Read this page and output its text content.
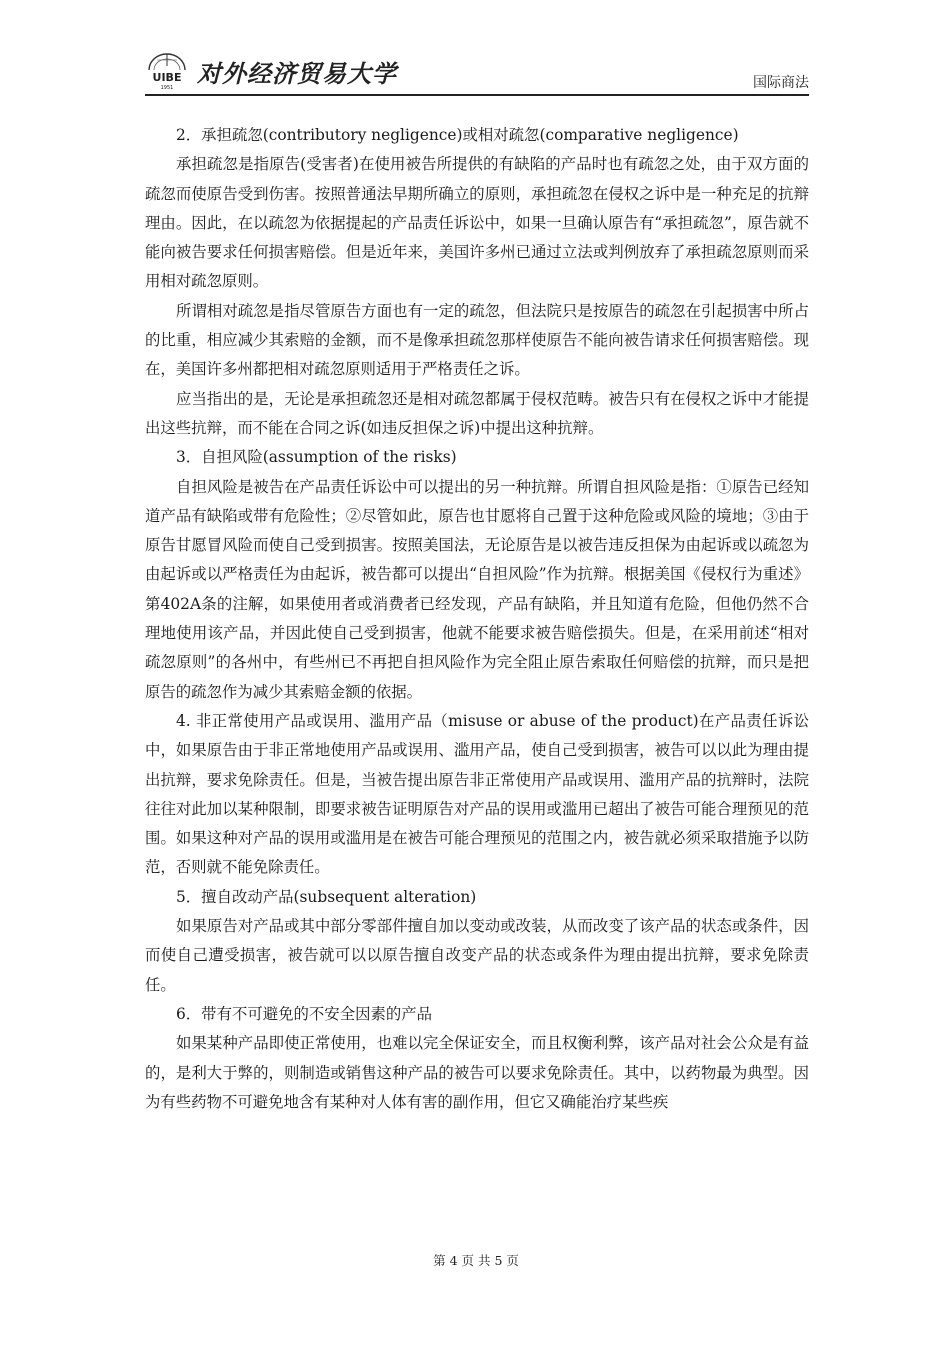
UIBE
1951 对外经济贸易大学	国际商法

2．承担疏忽(contributory negligence)或相对疏忽(comparative negligence)

承担疏忽是指原告(受害者)在使用被告所提供的有缺陷的产品时也有疏忽之处，由于双方面的疏忽而使原告受到伤害。按照普通法早期所确立的原则，承担疏忽在侵权之诉中是一种充足的抗辩理由。因此，在以疏忽为依据提起的产品责任诉讼中，如果一旦确认原告有“承担疏忽”，原告就不能向被告要求任何损害赔偿。但是近年来，美国许多州已通过立法或判例放弃了承担疏忽原则而采用相对疏忽原则。

所谓相对疏忽是指尽管原告方面也有一定的疏忽，但法院只是按原告的疏忽在引起损害中所占的比重，相应减少其索赔的金额，而不是像承担疏忽那样使原告不能向被告请求任何损害赔偿。现在，美国许多州都把相对疏忽原则适用于严格责任之诉。

应当指出的是，无论是承担疏忽还是相对疏忽都属于侵权范畴。被告只有在侵权之诉中才能提出这些抗辩，而不能在合同之诉(如违反担保之诉)中提出这种抗辩。

3．自担风险(assumption of the risks)

自担风险是被告在产品责任诉讼中可以提出的另一种抗辩。所谓自担风险是指：①原告已经知道产品有缺陷或带有危险性；②尽管如此，原告也甘愿将自己置于这种危险或风险的境地；③由于原告甘愿冒风险而使自己受到损害。按照美国法，无论原告是以被告违反担保为由起诉或以疏忽为由起诉或以严格责任为由起诉，被告都可以提出“自担风险”作为抗辩。根据美国《侵权行为重述》第402A条的注解，如果使用者或消费者已经发现，产品有缺陷，并且知道有危险，但他仍然不合理地使用该产品，并因此使自己受到损害，他就不能要求被告赔偿损失。但是，在采用前述“相对疏忽原则”的各州中，有些州已不再把自担风险作为完全阻止原告索取任何赔偿的抗辩，而只是把原告的疏忽作为减少其索赔金额的依据。

4. 非正常使用产品或误用、滥用产品（misuse or abuse of the product)在产品责任诉讼中，如果原告由于非正常地使用产品或误用、滥用产品，使自己受到损害，被告可以以此为理由提出抗辩，要求免除责任。但是，当被告提出原告非正常使用产品或误用、滥用产品的抗辩时，法院往往对此加以某种限制，即要求被告证明原告对产品的误用或滥用已超出了被告可能合理预见的范围。如果这种对产品的误用或滥用是在被告可能合理预见的范围之内，被告就必须采取措施予以防范，否则就不能免除责任。

5．擅自改动产品(subsequent alteration)

如果原告对产品或其中部分零部件擅自加以变动或改装，从而改变了该产品的状态或条件，因而使自己遭受损害，被告就可以以原告擅自改变产品的状态或条件为理由提出抗辩，要求免除责任。

6．带有不可避免的不安全因素的产品

如果某种产品即使正常使用，也难以完全保证安全，而且权衡利弊，该产品对社会公众是有益的，是利大于弊的，则制造或销售这种产品的被告可以要求免除责任。其中，以药物最为典型。因为有些药物不可避免地含有某种对人体有害的副作用，但它又确能治疗某些疾

第 4 页 共 5 页
